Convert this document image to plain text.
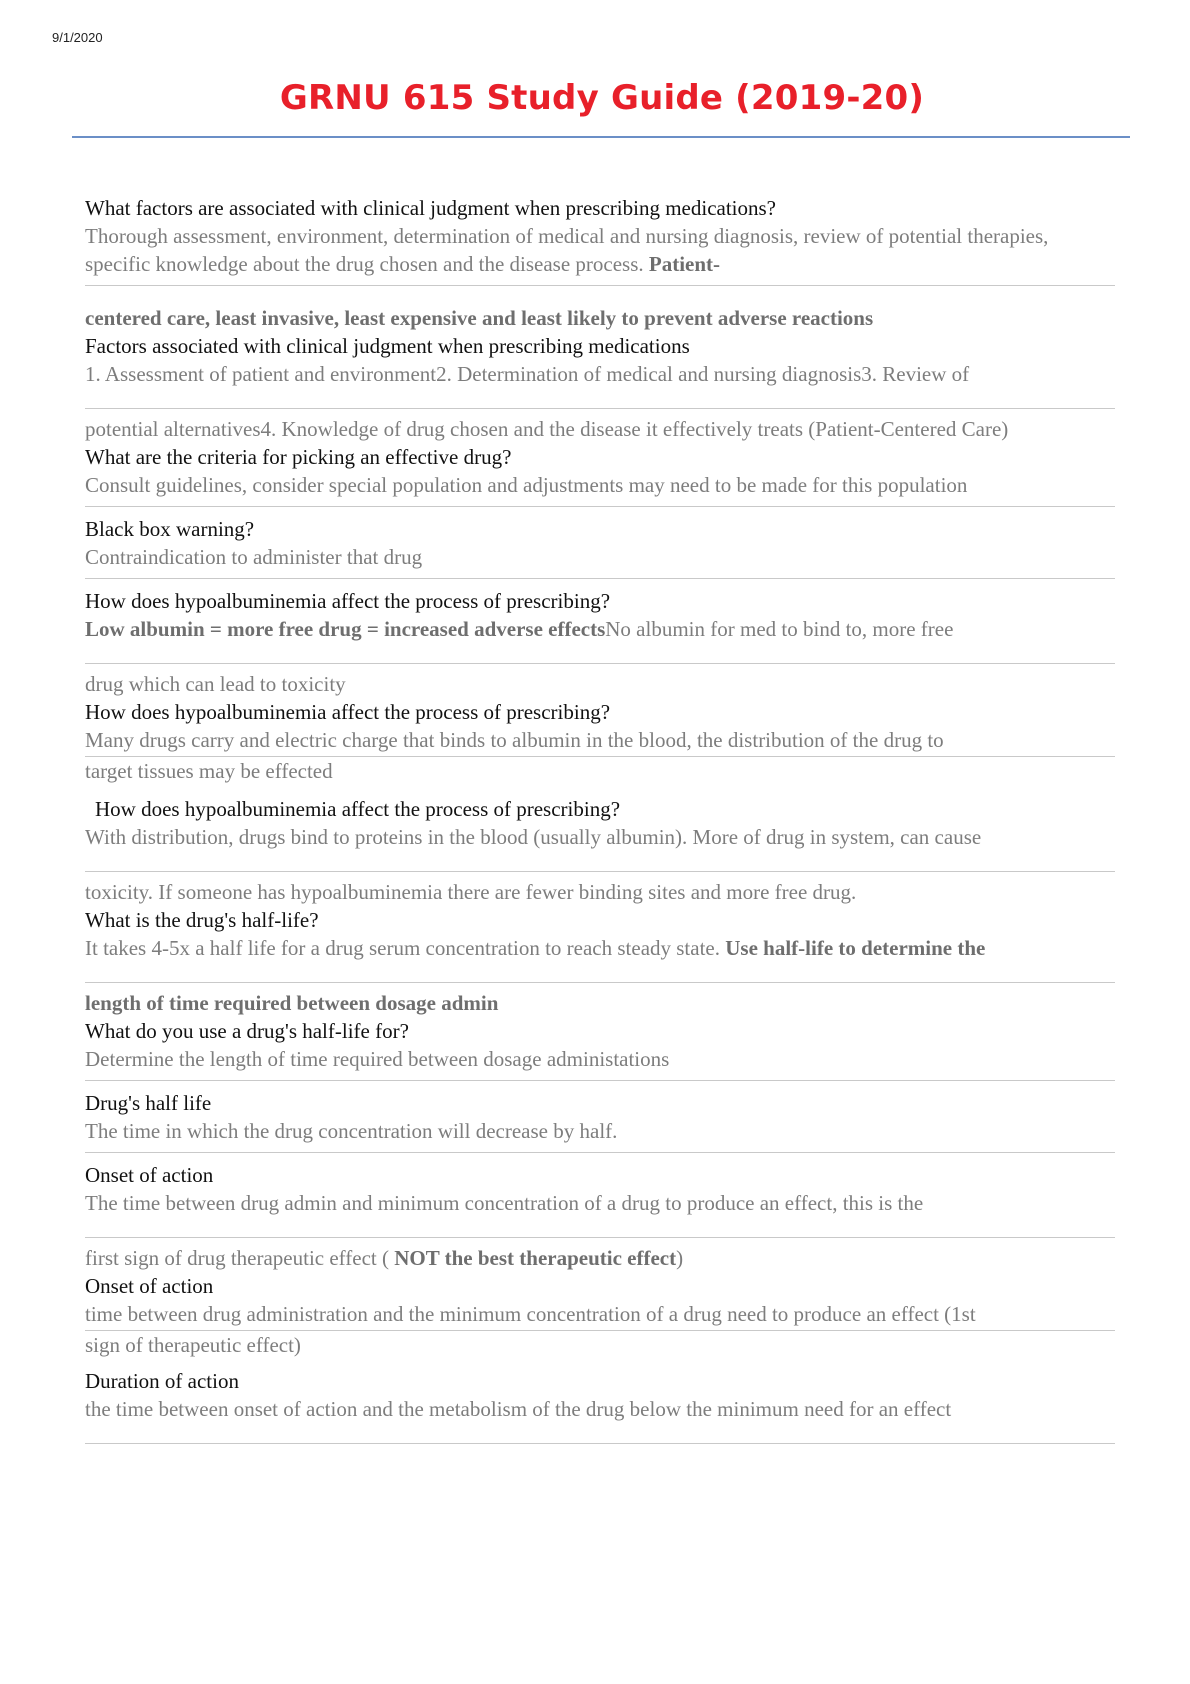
9/1/2020
GRNU 615 Study Guide (2019-20)
What factors are associated with clinical judgment when prescribing medications?
Thorough assessment, environment, determination of medical and nursing diagnosis, review of potential therapies, specific knowledge about the drug chosen and the disease process. Patient-
centered care, least invasive, least expensive and least likely to prevent adverse reactions
Factors associated with clinical judgment when prescribing medications
1. Assessment of patient and environment2. Determination of medical and nursing diagnosis3. Review of
potential alternatives4. Knowledge of drug chosen and the disease it effectively treats (Patient-Centered Care)
What are the criteria for picking an effective drug?
Consult guidelines, consider special population and adjustments may need to be made for this population
Black box warning?
Contraindication to administer that drug
How does hypoalbuminemia affect the process of prescribing?
Low albumin = more free drug = increased adverse effectsNo albumin for med to bind to, more free
drug which can lead to toxicity
How does hypoalbuminemia affect the process of prescribing?
Many drugs carry and electric charge that binds to albumin in the blood, the distribution of the drug to
target tissues may be effected
How does hypoalbuminemia affect the process of prescribing?
With distribution, drugs bind to proteins in the blood (usually albumin). More of drug in system, can cause
toxicity. If someone has hypoalbuminemia there are fewer binding sites and more free drug.
What is the drug's half-life?
It takes 4-5x a half life for a drug serum concentration to reach steady state. Use half-life to determine the
length of time required between dosage admin
What do you use a drug's half-life for?
Determine the length of time required between dosage administations
Drug's half life
The time in which the drug concentration will decrease by half.
Onset of action
The time between drug admin and minimum concentration of a drug to produce an effect, this is the
first sign of drug therapeutic effect ( NOT the best therapeutic effect)
Onset of action
time between drug administration and the minimum concentration of a drug need to produce an effect (1st
sign of therapeutic effect)
Duration of action
the time between onset of action and the metabolism of the drug below the minimum need for an effect
